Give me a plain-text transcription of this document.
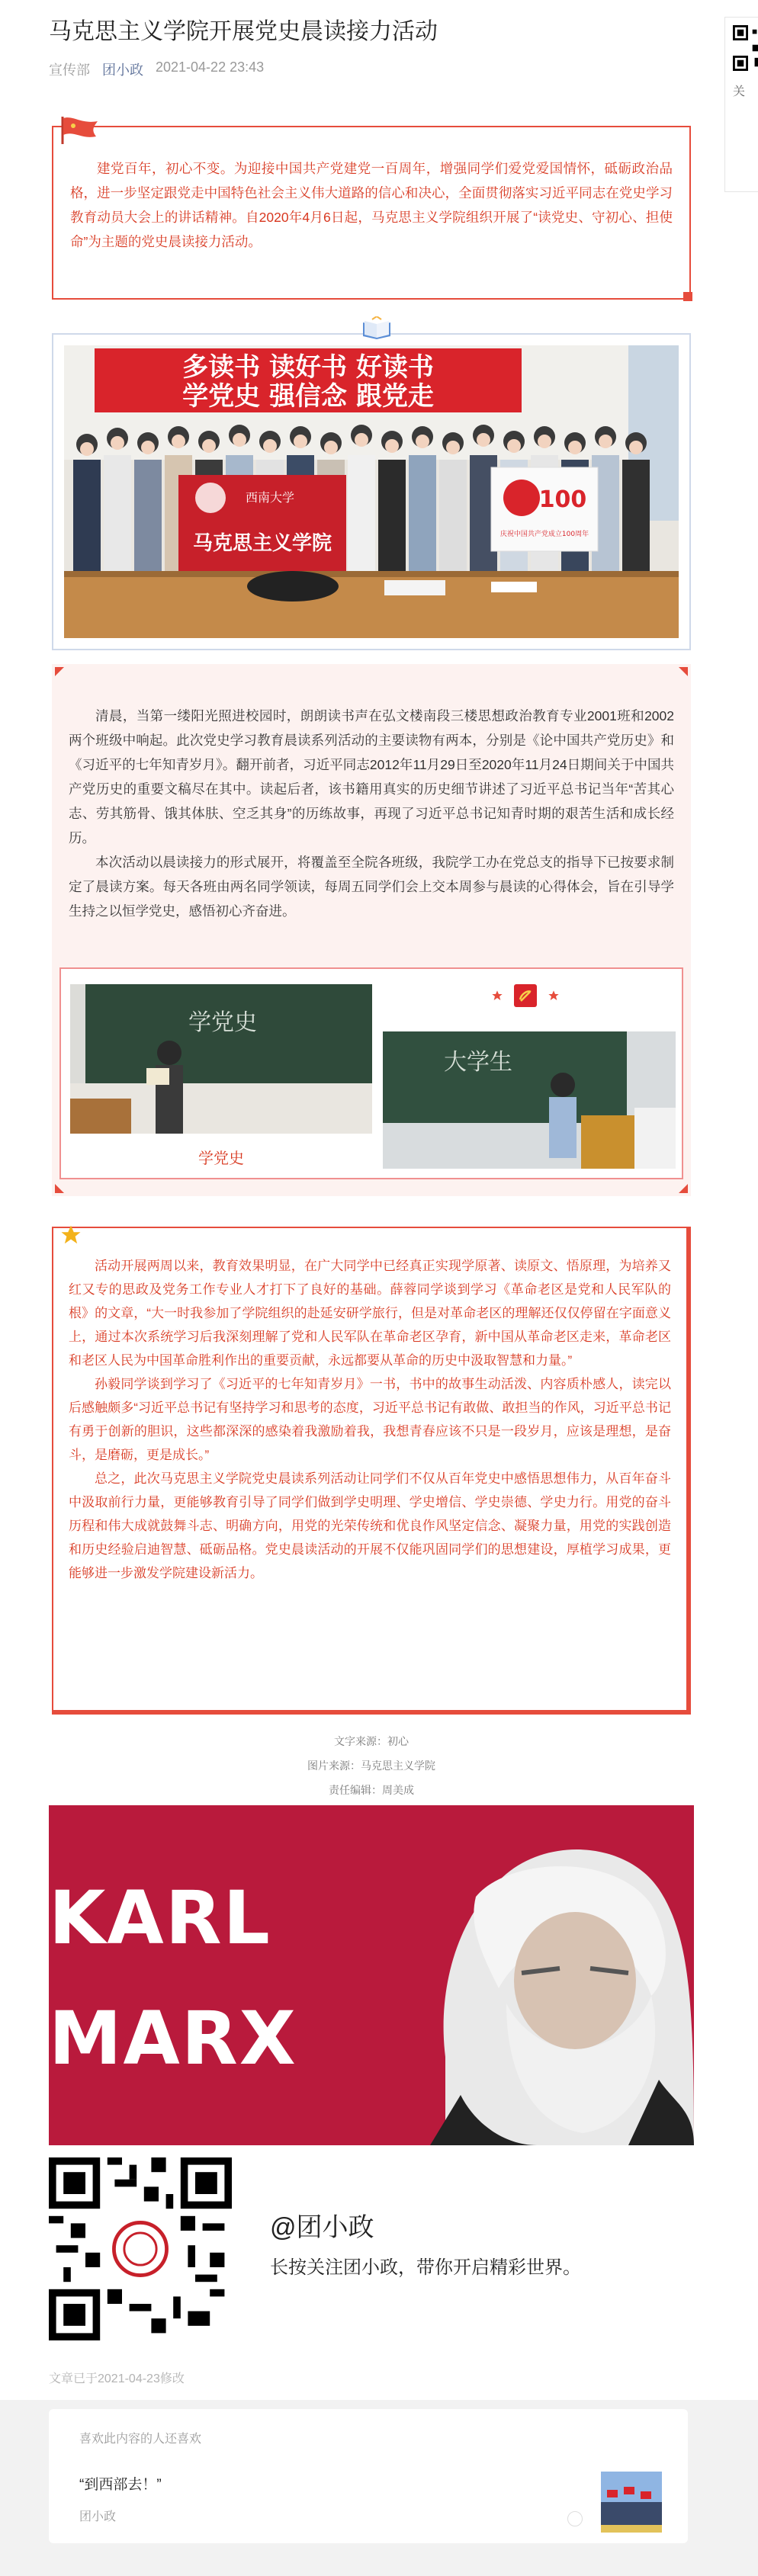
关
马克思主义学院开展党史晨读接力活动
宣传部 团小政 2021-04-22 23:43

建党百年，初心不变。为迎接中国共产党建党一百周年，增强同学们爱党爱国情怀，砥砺政治品格，进一步坚定跟党走中国特色社会主义伟大道路的信心和决心，全面贯彻落实习近平同志在党史学习教育动员大会上的讲话精神。自2020年4月6日起，马克思主义学院组织开展了“读党史、守初心、担使命”为主题的党史晨读接力活动。

多读书 读好书 好读书
学党史 强信念 跟党走
西南大学
马克思主义学院
100
庆祝中国共产党成立100周年

清晨，当第一缕阳光照进校园时，朗朗读书声在弘文楼南段三楼思想政治教育专业2001班和2002两个班级中响起。此次党史学习教育晨读系列活动的主要读物有两本，分别是《论中国共产党历史》和《习近平的七年知青岁月》。翻开前者，习近平同志2012年11月29日至2020年11月24日期间关于中国共产党历史的重要文稿尽在其中。读起后者，该书籍用真实的历史细节讲述了习近平总书记当年“苦其心志、劳其筋骨、饿其体肤、空乏其身”的历练故事，再现了习近平总书记知青时期的艰苦生活和成长经历。

本次活动以晨读接力的形式展开，将覆盖至全院各班级，我院学工办在党总支的指导下已按要求制定了晨读方案。每天各班由两名同学领读，每周五同学们会上交本周参与晨读的心得体会，旨在引导学生持之以恒学党史，感悟初心齐奋进。

学党史
大学生
学党史

活动开展两周以来，教育效果明显，在广大同学中已经真正实现学原著、读原文、悟原理，为培养又红又专的思政及党务工作专业人才打下了良好的基础。薛蓉同学谈到学习《革命老区是党和人民军队的根》的文章，“大一时我参加了学院组织的赴延安研学旅行，但是对革命老区的理解还仅仅停留在字面意义上，通过本次系统学习后我深刻理解了党和人民军队在革命老区孕育，新中国从革命老区走来，革命老区和老区人民为中国革命胜利作出的重要贡献，永远都要从革命的历史中汲取智慧和力量。”

孙毅同学谈到学习了《习近平的七年知青岁月》一书，书中的故事生动活泼、内容质朴感人，读完以后感触颇多“习近平总书记有坚持学习和思考的态度，习近平总书记有敢做、敢担当的作风，习近平总书记有勇于创新的胆识，这些都深深的感染着我激励着我，我想青春应该不只是一段岁月，应该是理想，是奋斗，是磨砺，更是成长。”

总之，此次马克思主义学院党史晨读系列活动让同学们不仅从百年党史中感悟思想伟力，从百年奋斗中汲取前行力量，更能够教育引导了同学们做到学史明理、学史增信、学史崇德、学史力行。用党的奋斗历程和伟大成就鼓舞斗志、明确方向，用党的光荣传统和优良作风坚定信念、凝聚力量，用党的实践创造和历史经验启迪智慧、砥砺品格。党史晨读活动的开展不仅能巩固同学们的思想建设，厚植学习成果，更能够进一步激发学院建设新活力。

文字来源：初心
图片来源：马克思主义学院
责任编辑：周美成
KARL
MARX
@团小政
长按关注团小政，带你开启精彩世界。
文章已于2021-04-23修改
喜欢此内容的人还喜欢
“到西部去！”
团小政
